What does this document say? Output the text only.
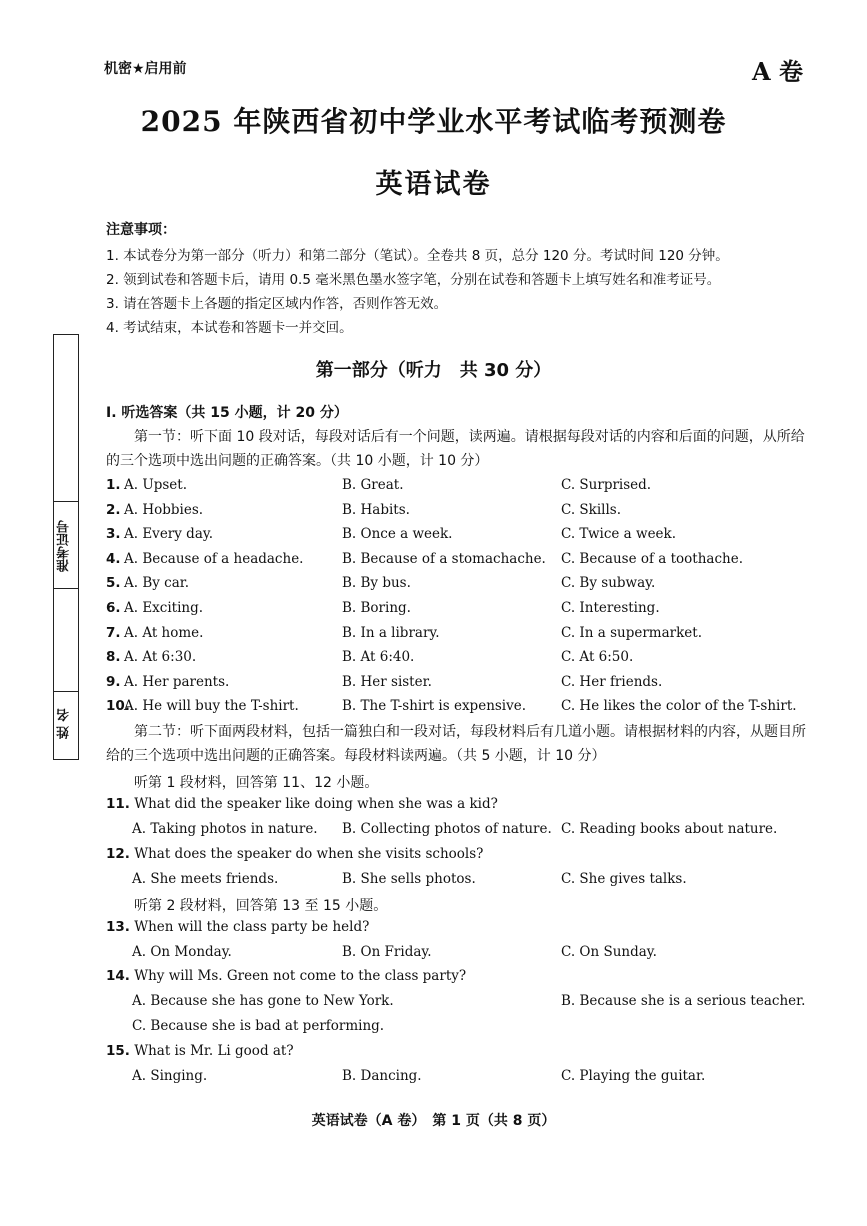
机密★启用前	A 卷
2025 年陕西省初中学业水平考试临考预测卷
英语试卷
注意事项：
1. 本试卷分为第一部分（听力）和第二部分（笔试）。全卷共 8 页，总分 120 分。考试时间 120 分钟。
2. 领到试卷和答题卡后，请用 0.5 毫米黑色墨水签字笔，分别在试卷和答题卡上填写姓名和准考证号。
3. 请在答题卡上各题的指定区域内作答，否则作答无效。
4. 考试结束，本试卷和答题卡一并交回。
准考证号
姓 名
第一部分（听力　共 30 分）
Ⅰ. 听选答案（共 15 小题，计 20 分）
第一节：听下面 10 段对话，每段对话后有一个问题，读两遍。请根据每段对话的内容和后面的问题，从所给的三个选项中选出问题的正确答案。（共 10 小题，计 10 分）
1. A. Upset.	B. Great.	C. Surprised.
2. A. Hobbies.	B. Habits.	C. Skills.
3. A. Every day.	B. Once a week.	C. Twice a week.
4. A. Because of a headache.	B. Because of a stomachache. C. Because of a toothache.
5. A. By car.	B. By bus.	C. By subway.
6. A. Exciting.	B. Boring.	C. Interesting.
7. A. At home.	B. In a library.	C. In a supermarket.
8. A. At 6:30.	B. At 6:40.	C. At 6:50.
9. A. Her parents.	B. Her sister.	C. Her friends.
10.
A. He will buy the T-shirt.	B. The T-shirt is expensive.	C. He likes the color of the T-shirt.
第二节：听下面两段材料，包括一篇独白和一段对话，每段材料后有几道小题。请根据材料的内容，从题目所给的三个选项中选出问题的正确答案。每段材料读两遍。（共 5 小题，计 10 分）
听第 1 段材料，回答第 11、12 小题。
11. What did the speaker like doing when she was a kid?
A. Taking photos in nature. B. Collecting photos of nature. C. Reading books about nature.
12. What does the speaker do when she visits schools?
A. She meets friends.	B. She sells photos.	C. She gives talks.
听第 2 段材料，回答第 13 至 15 小题。
13. When will the class party be held?
A. On Monday.	B. On Friday.	C. On Sunday.
14. Why will Ms. Green not come to the class party?
A. Because she has gone to New York.	B. Because she is a serious teacher.
C. Because she is bad at performing.
15. What is Mr. Li good at?
A. Singing.	B. Dancing.	C. Playing the guitar.
英语试卷（A 卷）　第 1 页（共 8 页）
